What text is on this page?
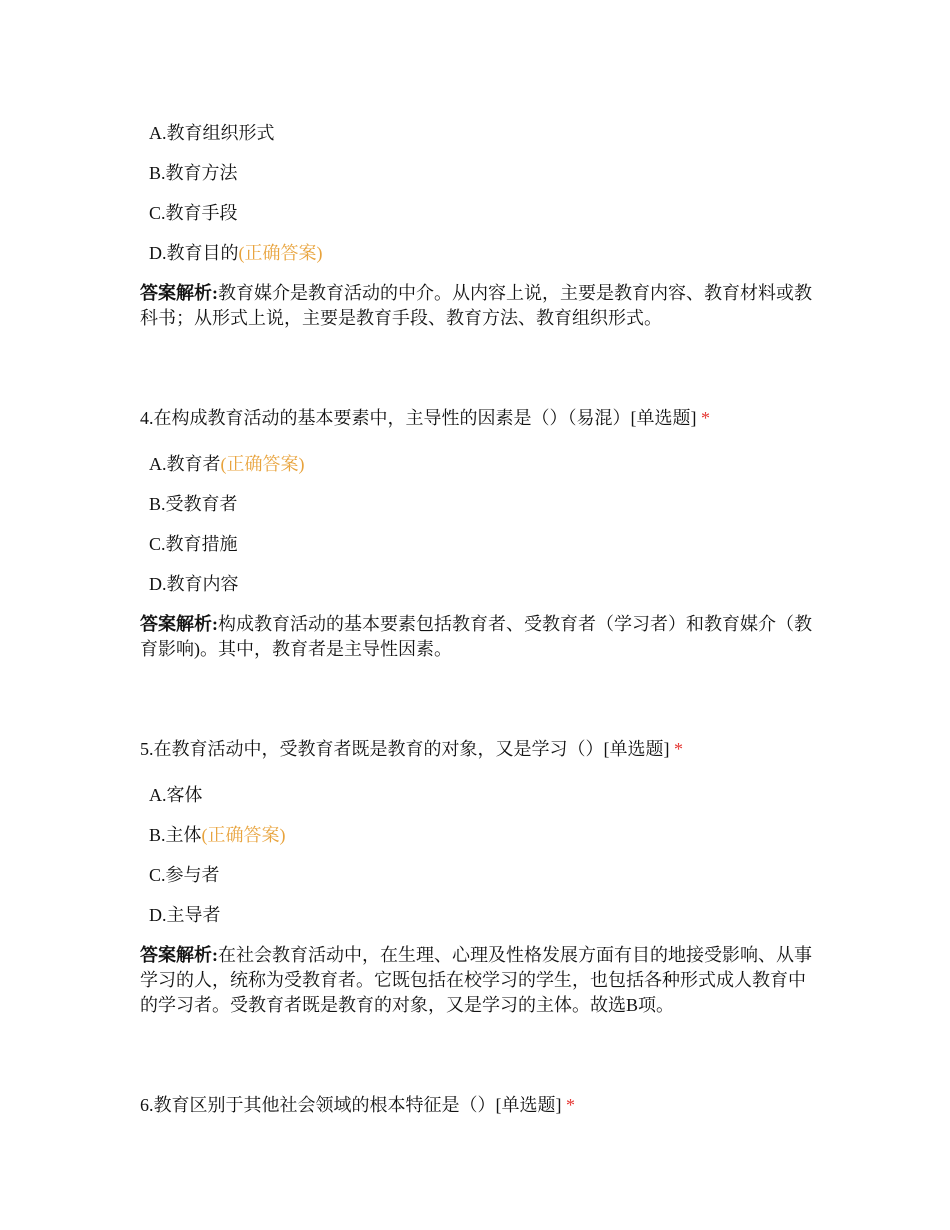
A.教育组织形式
B.教育方法
C.教育手段
D.教育目的(正确答案)
答案解析:教育媒介是教育活动的中介。从内容上说，主要是教育内容、教育材料或教科书；从形式上说，主要是教育手段、教育方法、教育组织形式。
4.在构成教育活动的基本要素中，主导性的因素是（）（易混）[单选题] *
A.教育者(正确答案)
B.受教育者
C.教育措施
D.教育内容
答案解析:构成教育活动的基本要素包括教育者、受教育者（学习者）和教育媒介（教育影响)。其中，教育者是主导性因素。
5.在教育活动中，受教育者既是教育的对象，又是学习（）[单选题] *
A.客体
B.主体(正确答案)
C.参与者
D.主导者
答案解析:在社会教育活动中，在生理、心理及性格发展方面有目的地接受影响、从事学习的人，统称为受教育者。它既包括在校学习的学生，也包括各种形式成人教育中的学习者。受教育者既是教育的对象，又是学习的主体。故选B项。
6.教育区别于其他社会领域的根本特征是（）[单选题] *
